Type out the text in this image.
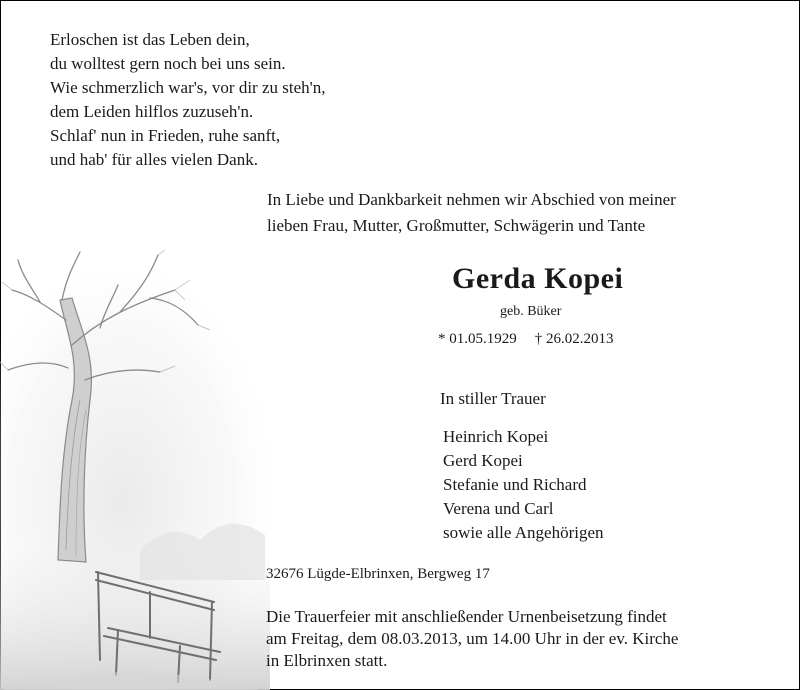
Erloschen ist das Leben dein,
du wolltest gern noch bei uns sein.
Wie schmerzlich war's, vor dir zu steh'n,
dem Leiden hilflos zuzuseh'n.
Schlaf' nun in Frieden, ruhe sanft,
und hab' für alles vielen Dank.
In Liebe und Dankbarkeit nehmen wir Abschied von meiner
lieben Frau, Mutter, Großmutter, Schwägerin und Tante
Gerda Kopei
geb. Büker
* 01.05.1929 † 26.02.2013
In stiller Trauer
Heinrich Kopei
Gerd Kopei
Stefanie und Richard
Verena und Carl
sowie alle Angehörigen
32676 Lügde-Elbrinxen, Bergweg 17
Die Trauerfeier mit anschließender Urnenbeisetzung findet
am Freitag, dem 08.03.2013, um 14.00 Uhr in der ev. Kirche
in Elbrinxen statt.
